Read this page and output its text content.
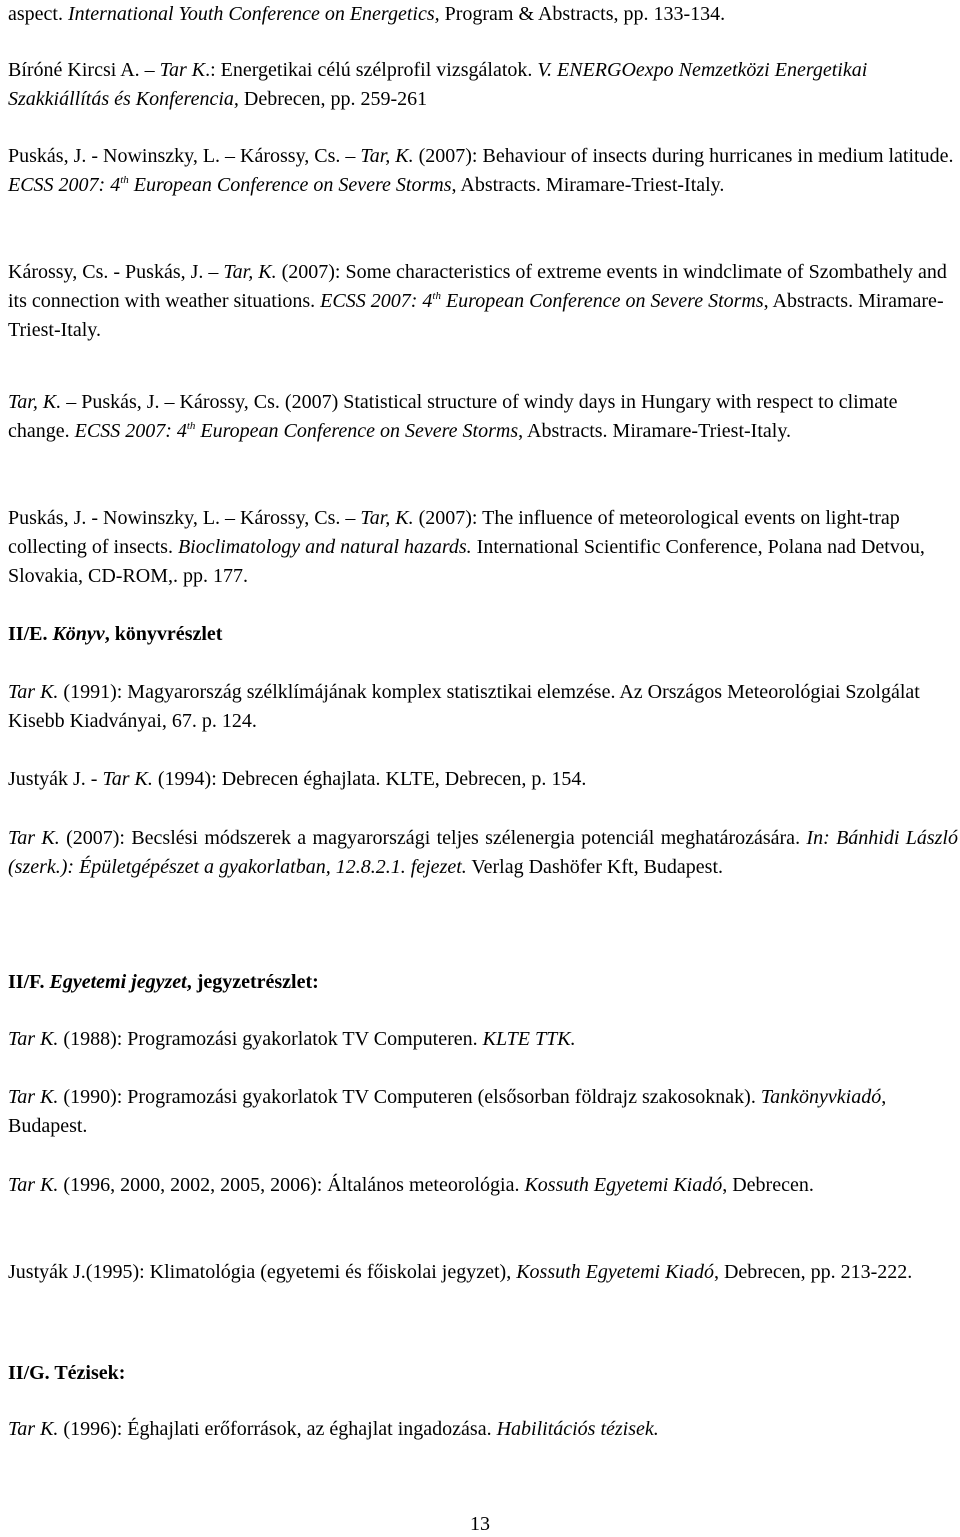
aspect. International Youth Conference on Energetics, Program & Abstracts, pp. 133-134.
Bíróné Kircsi A. – Tar K.: Energetikai célú szélprofil vizsgálatok. V. ENERGOexpo Nemzetközi Energetikai Szakkiállítás és Konferencia, Debrecen, pp. 259-261
Puskás, J. - Nowinszky, L. – Károssy, Cs. – Tar, K. (2007): Behaviour of insects during hurricanes in medium latitude. ECSS 2007: 4th European Conference on Severe Storms, Abstracts. Miramare-Triest-Italy.
Károssy, Cs. - Puskás, J. – Tar, K. (2007): Some characteristics of extreme events in windclimate of Szombathely and its connection with weather situations. ECSS 2007: 4th European Conference on Severe Storms, Abstracts. Miramare-Triest-Italy.
Tar, K. – Puskás, J. – Károssy, Cs. (2007) Statistical structure of windy days in Hungary with respect to climate change. ECSS 2007: 4th European Conference on Severe Storms, Abstracts. Miramare-Triest-Italy.
Puskás, J. - Nowinszky, L. – Károssy, Cs. – Tar, K. (2007): The influence of meteorological events on light-trap collecting of insects. Bioclimatology and natural hazards. International Scientific Conference, Polana nad Detvou, Slovakia, CD-ROM,. pp. 177.
II/E. Könyv, könyvrészlet
Tar K. (1991): Magyarország szélklímájának komplex statisztikai elemzése. Az Országos Meteorológiai Szolgálat Kisebb Kiadványai, 67. p. 124.
Justyák J. - Tar K. (1994): Debrecen éghajlata. KLTE, Debrecen, p. 154.
Tar K. (2007): Becslési módszerek a magyarországi teljes szélenergia potenciál meghatározására. In: Bánhidi László (szerk.): Épületgépészet a gyakorlatban, 12.8.2.1. fejezet. Verlag Dashöfer Kft, Budapest.
II/F. Egyetemi jegyzet, jegyzetrészlet:
Tar K. (1988): Programozási gyakorlatok TV Computeren. KLTE TTK.
Tar K. (1990): Programozási gyakorlatok TV Computeren (elsősorban földrajz szakosoknak). Tankönyvkiadó, Budapest.
Tar K. (1996, 2000, 2002, 2005, 2006): Általános meteorológia. Kossuth Egyetemi Kiadó, Debrecen.
Justyák J.(1995): Klimatológia (egyetemi és főiskolai jegyzet), Kossuth Egyetemi Kiadó, Debrecen, pp. 213-222.
II/G. Tézisek:
Tar K. (1996): Éghajlati erőforrások, az éghajlat ingadozása. Habilitációs tézisek.
13
